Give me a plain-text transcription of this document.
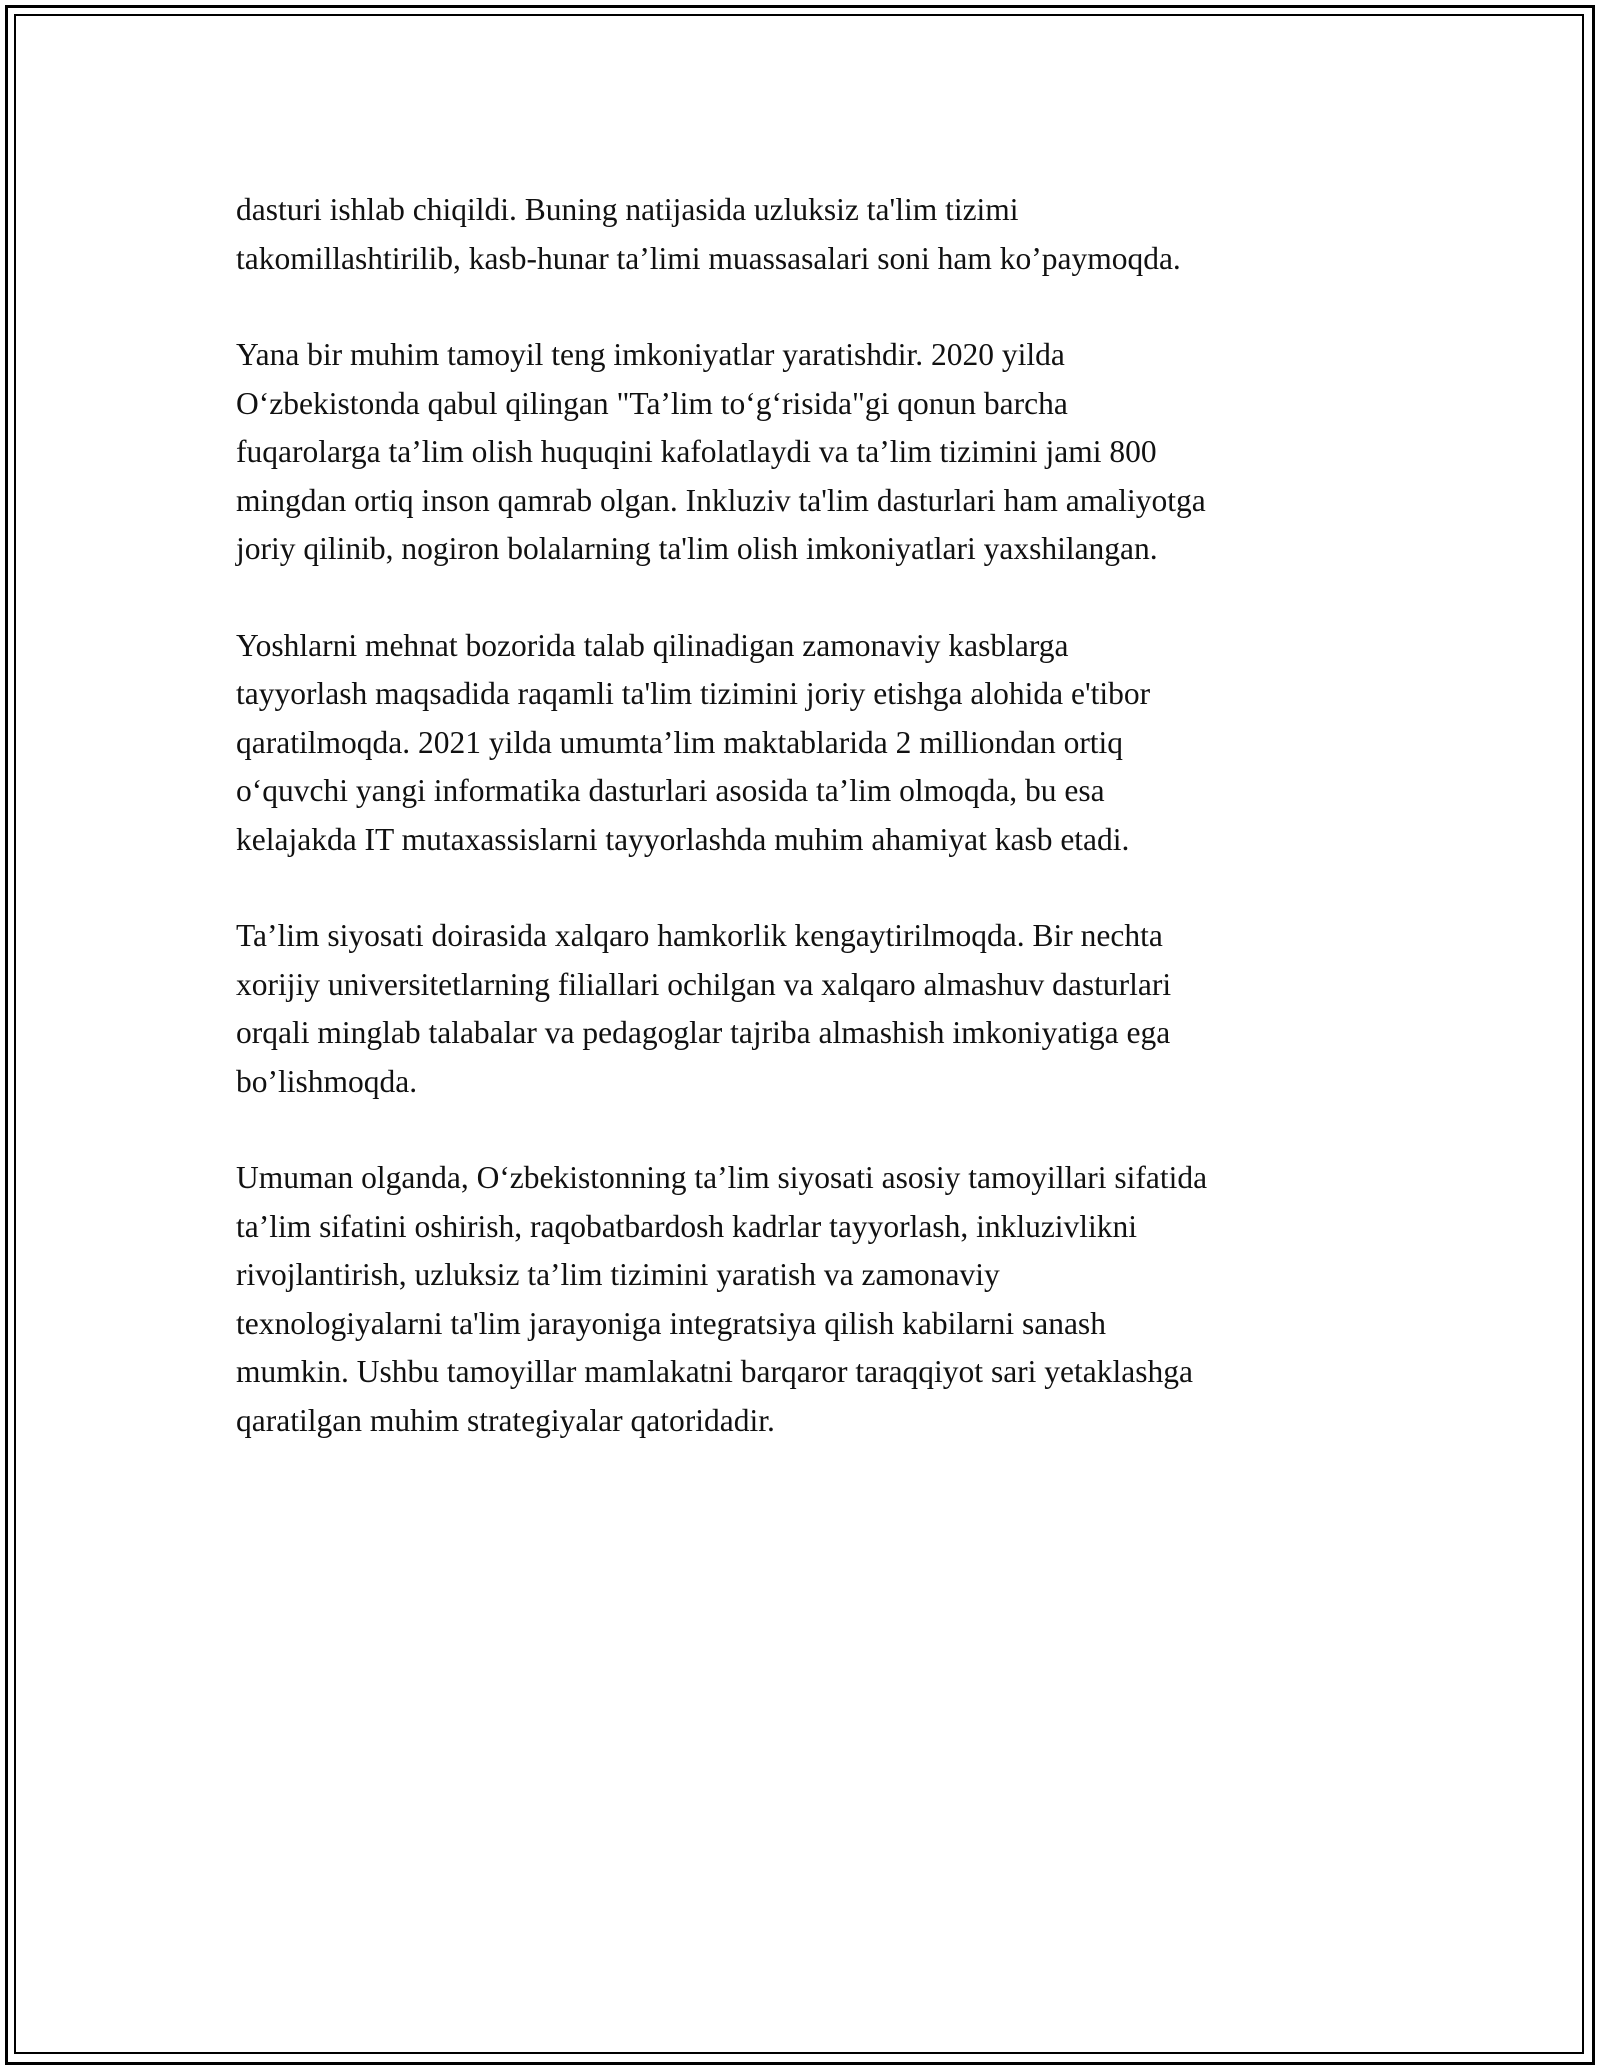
dasturi ishlab chiqildi. Buning natijasida uzluksiz ta'lim tizimi
takomillashtirilib, kasb-hunar ta’limi muassasalari soni ham ko’paymoqda.

Yana bir muhim tamoyil teng imkoniyatlar yaratishdir. 2020 yilda
O‘zbekistonda qabul qilingan "Ta’lim to‘g‘risida"gi qonun barcha
fuqarolarga ta’lim olish huquqini kafolatlaydi va ta’lim tizimini jami 800
mingdan ortiq inson qamrab olgan. Inkluziv ta'lim dasturlari ham amaliyotga
joriy qilinib, nogiron bolalarning ta'lim olish imkoniyatlari yaxshilangan.

Yoshlarni mehnat bozorida talab qilinadigan zamonaviy kasblarga
tayyorlash maqsadida raqamli ta'lim tizimini joriy etishga alohida e'tibor
qaratilmoqda. 2021 yilda umumta’lim maktablarida 2 milliondan ortiq
o‘quvchi yangi informatika dasturlari asosida ta’lim olmoqda, bu esa
kelajakda IT mutaxassislarni tayyorlashda muhim ahamiyat kasb etadi.

Ta’lim siyosati doirasida xalqaro hamkorlik kengaytirilmoqda. Bir nechta
xorijiy universitetlarning filiallari ochilgan va xalqaro almashuv dasturlari
orqali minglab talabalar va pedagoglar tajriba almashish imkoniyatiga ega
bo’lishmoqda.

Umuman olganda, O‘zbekistonning ta’lim siyosati asosiy tamoyillari sifatida
ta’lim sifatini oshirish, raqobatbardosh kadrlar tayyorlash, inkluzivlikni
rivojlantirish, uzluksiz ta’lim tizimini yaratish va zamonaviy
texnologiyalarni ta'lim jarayoniga integratsiya qilish kabilarni sanash
mumkin. Ushbu tamoyillar mamlakatni barqaror taraqqiyot sari yetaklashga
qaratilgan muhim strategiyalar qatoridadir.
